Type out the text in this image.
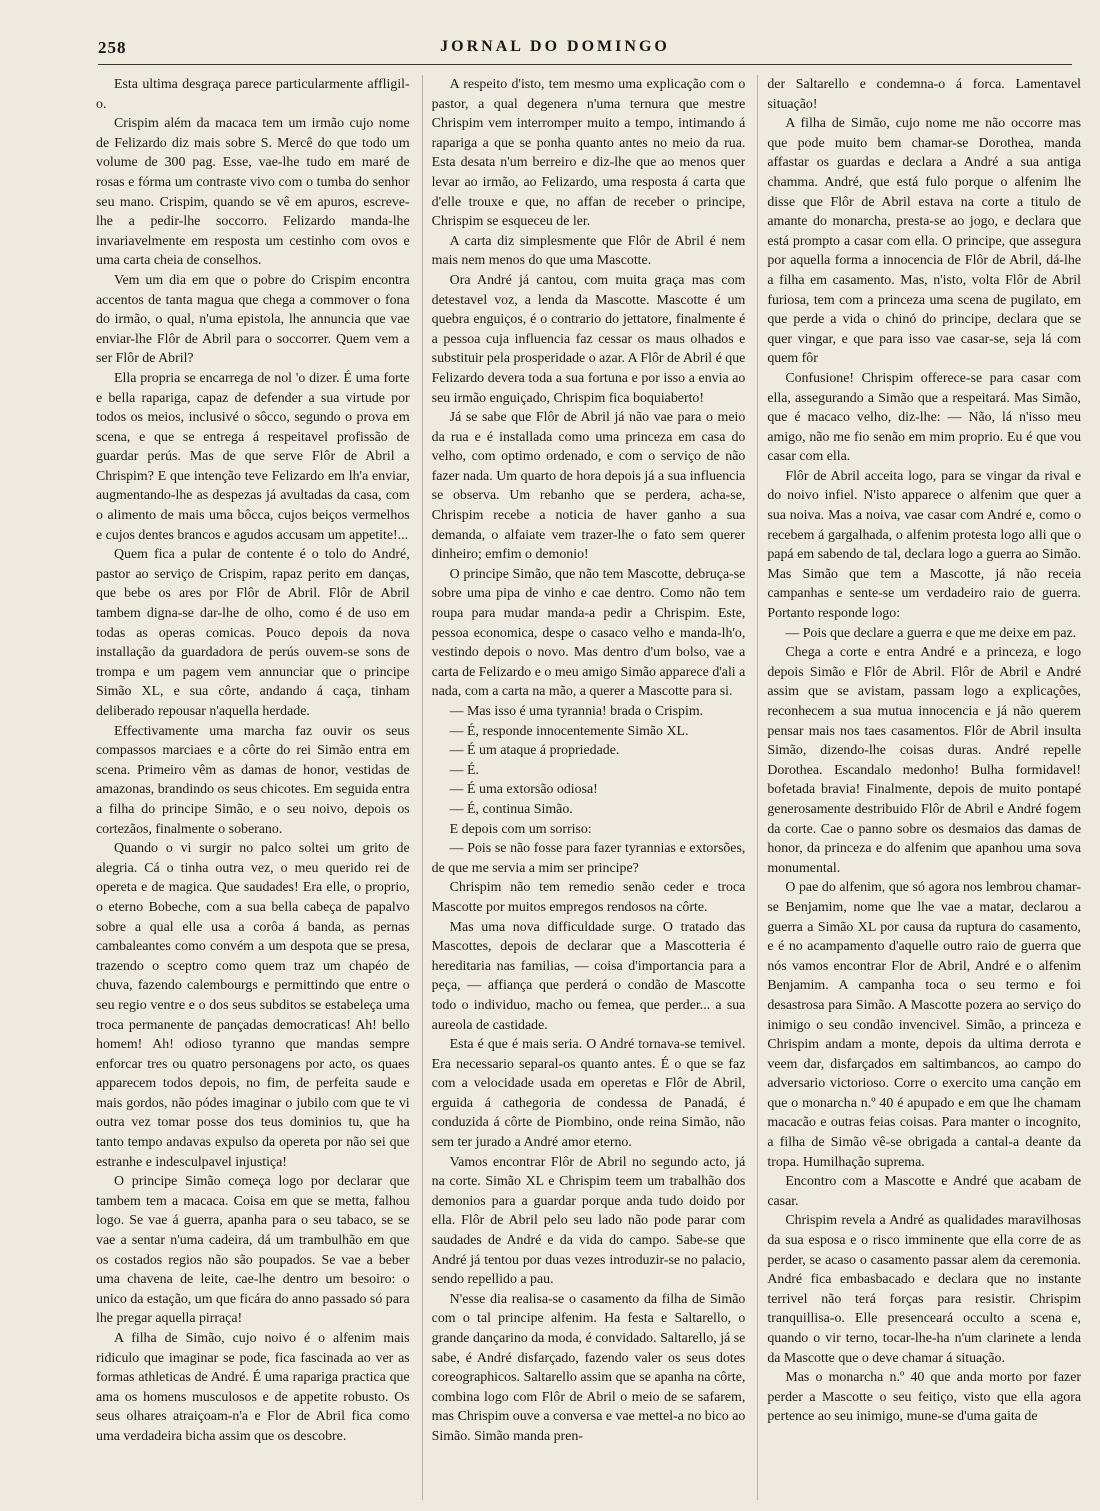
258	JORNAL DO DOMINGO

Esta ultima desgraça parece particularmente affligil-o.

Crispim além da macaca tem um irmão cujo nome de Felizardo diz mais sobre S. Mercê do que todo um volume de 300 pag. Esse, vae-lhe tudo em maré de rosas e fórma um contraste vivo com o tumba do senhor seu mano. Crispim, quando se vê em apuros, escreve-lhe a pedir-lhe soccorro. Felizardo manda-lhe invariavelmente em resposta um cestinho com ovos e uma carta cheia de conselhos.

Vem um dia em que o pobre do Crispim encontra accentos de tanta magua que chega a commover o fona do irmão, o qual, n'uma epistola, lhe annuncia que vae enviar-lhe Flôr de Abril para o soccorrer. Quem vem a ser Flôr de Abril?

Ella propria se encarrega de nol 'o dizer. É uma forte e bella rapariga, capaz de defender a sua virtude por todos os meios, inclusivé o sôcco, segundo o prova em scena, e que se entrega á respeitavel profissão de guardar perús. Mas de que serve Flôr de Abril a Chrispim? E que intenção teve Felizardo em lh'a enviar, augmentando-lhe as despezas já avultadas da casa, com o alimento de mais uma bôcca, cujos beiços vermelhos e cujos dentes brancos e agudos accusam um appetite!...

Quem fica a pular de contente é o tolo do André, pastor ao serviço de Crispim, rapaz perito em danças, que bebe os ares por Flôr de Abril. Flôr de Abril tambem digna-se dar-lhe de olho, como é de uso em todas as operas comicas. Pouco depois da nova installação da guardadora de perús ouvem-se sons de trompa e um pagem vem annunciar que o principe Simão XL, e sua côrte, andando á caça, tinham deliberado repousar n'aquella herdade.

Effectivamente uma marcha faz ouvir os seus compassos marciaes e a côrte do rei Simão entra em scena. Primeiro vêm as damas de honor, vestidas de amazonas, brandindo os seus chicotes. Em seguida entra a filha do principe Simão, e o seu noivo, depois os cortezãos, finalmente o soberano.

Quando o vi surgir no palco soltei um grito de alegria. Cá o tinha outra vez, o meu querido rei de opereta e de magica. Que saudades! Era elle, o proprio, o eterno Bobeche, com a sua bella cabeça de papalvo sobre a qual elle usa a corôa á banda, as pernas cambaleantes como convém a um despota que se presa, trazendo o sceptro como quem traz um chapéo de chuva, fazendo calembourgs e permittindo que entre o seu regio ventre e o dos seus subditos se estabeleça uma troca permanente de pançadas democraticas! Ah! bello homem! Ah! odioso tyranno que mandas sempre enforcar tres ou quatro personagens por acto, os quaes apparecem todos depois, no fim, de perfeita saude e mais gordos, não pódes imaginar o jubilo com que te vi outra vez tomar posse dos teus dominios tu, que ha tanto tempo andavas expulso da opereta por não sei que estranhe e indesculpavel injustiça!

O principe Simão começa logo por declarar que tambem tem a macaca. Coisa em que se metta, falhou logo. Se vae á guerra, apanha para o seu tabaco, se se vae a sentar n'uma cadeira, dá um trambulhão em que os costados regios não são poupados. Se vae a beber uma chavena de leite, cae-lhe dentro um besoiro: o unico da estação, um que ficára do anno passado só para lhe pregar aquella pirraça!

A filha de Simão, cujo noivo é o alfenim mais ridiculo que imaginar se pode, fica fascinada ao ver as formas athleticas de André. É uma rapariga practica que ama os homens musculosos e de appetite robusto. Os seus olhares atraiçoam-n'a e Flor de Abril fica como uma verdadeira bicha assim que os descobre.

A respeito d'isto, tem mesmo uma explicação com o pastor, a qual degenera n'uma ternura que mestre Chrispim vem interromper muito a tempo, intimando á rapariga a que se ponha quanto antes no meio da rua. Esta desata n'um berreiro e diz-lhe que ao menos quer levar ao irmão, ao Felizardo, uma resposta á carta que d'elle trouxe e que, no affan de receber o principe, Chrispim se esqueceu de ler.

A carta diz simplesmente que Flôr de Abril é nem mais nem menos do que uma Mascotte.

Ora André já cantou, com muita graça mas com detestavel voz, a lenda da Mascotte. Mascotte é um quebra enguiços, é o contrario do jettatore, finalmente é a pessoa cuja influencia faz cessar os maus olhados e substituir pela prosperidade o azar. A Flôr de Abril é que Felizardo devera toda a sua fortuna e por isso a envia ao seu irmão enguiçado, Chrispim fica boquiaberto!

Já se sabe que Flôr de Abril já não vae para o meio da rua e é installada como uma princeza em casa do velho, com optimo ordenado, e com o serviço de não fazer nada. Um quarto de hora depois já a sua influencia se observa. Um rebanho que se perdera, acha-se, Chrispim recebe a noticia de haver ganho a sua demanda, o alfaiate vem trazer-lhe o fato sem querer dinheiro; emfim o demonio!

O principe Simão, que não tem Mascotte, debruça-se sobre uma pipa de vinho e cae dentro. Como não tem roupa para mudar manda-a pedir a Chrispim. Este, pessoa economica, despe o casaco velho e manda-lh'o, vestindo depois o novo. Mas dentro d'um bolso, vae a carta de Felizardo e o meu amigo Simão apparece d'ali a nada, com a carta na mão, a querer a Mascotte para si.

— Mas isso é uma tyrannia! brada o Crispim.

— É, responde innocentemente Simão XL.

— É um ataque á propriedade.

— É.

— É uma extorsão odiosa!

— É, continua Simão.

E depois com um sorriso:

— Pois se não fosse para fazer tyrannias e extorsões, de que me servia a mim ser principe?

Chrispim não tem remedio senão ceder e troca Mascotte por muitos empregos rendosos na côrte.

Mas uma nova difficuldade surge. O tratado das Mascottes, depois de declarar que a Mascotteria é hereditaria nas familias, — coisa d'importancia para a peça, — affiança que perderá o condão de Mascotte todo o individuo, macho ou femea, que perder... a sua aureola de castidade.

Esta é que é mais seria. O André tornava-se temivel. Era necessario separal-os quanto antes. É o que se faz com a velocidade usada em operetas e Flôr de Abril, erguida á cathegoria de condessa de Panadá, é conduzida á côrte de Piombino, onde reina Simão, não sem ter jurado a André amor eterno.

Vamos encontrar Flôr de Abril no segundo acto, já na corte. Simão XL e Chrispim teem um trabalhão dos demonios para a guardar porque anda tudo doido por ella. Flôr de Abril pelo seu lado não pode parar com saudades de André e da vida do campo. Sabe-se que André já tentou por duas vezes introduzir-se no palacio, sendo repellido a pau.

N'esse dia realisa-se o casamento da filha de Simão com o tal principe alfenim. Ha festa e Saltarello, o grande dançarino da moda, é convidado. Saltarello, já se sabe, é André disfarçado, fazendo valer os seus dotes coreographicos. Saltarello assim que se apanha na côrte, combina logo com Flôr de Abril o meio de se safarem, mas Chrispim ouve a conversa e vae mettel-a no bico ao Simão. Simão manda pren-

der Saltarello e condemna-o á forca. Lamentavel situação!

A filha de Simão, cujo nome me não occorre mas que pode muito bem chamar-se Dorothea, manda affastar os guardas e declara a André a sua antiga chamma. André, que está fulo porque o alfenim lhe disse que Flôr de Abril estava na corte a titulo de amante do monarcha, presta-se ao jogo, e declara que está prompto a casar com ella. O principe, que assegura por aquella forma a innocencia de Flôr de Abril, dá-lhe a filha em casamento. Mas, n'isto, volta Flôr de Abril furiosa, tem com a princeza uma scena de pugilato, em que perde a vida o chinó do principe, declara que se quer vingar, e que para isso vae casar-se, seja lá com quem fôr

Confusione! Chrispim offerece-se para casar com ella, assegurando a Simão que a respeitará. Mas Simão, que é macaco velho, diz-lhe: — Não, lá n'isso meu amigo, não me fio senão em mim proprio. Eu é que vou casar com ella.

Flôr de Abril acceita logo, para se vingar da rival e do noivo infiel. N'isto apparece o alfenim que quer a sua noiva. Mas a noiva, vae casar com André e, como o recebem á gargalhada, o alfenim protesta logo alli que o papá em sabendo de tal, declara logo a guerra ao Simão. Mas Simão que tem a Mascotte, já não receia campanhas e sente-se um verdadeiro raio de guerra. Portanto responde logo:

— Pois que declare a guerra e que me deixe em paz.

Chega a corte e entra André e a princeza, e logo depois Simão e Flôr de Abril. Flôr de Abril e André assim que se avistam, passam logo a explicações, reconhecem a sua mutua innocencia e já não querem pensar mais nos taes casamentos. Flôr de Abril insulta Simão, dizendo-lhe coisas duras. André repelle Dorothea. Escandalo medonho! Bulha formidavel! bofetada bravia! Finalmente, depois de muito pontapé generosamente destribuido Flôr de Abril e André fogem da corte. Cae o panno sobre os desmaios das damas de honor, da princeza e do alfenim que apanhou uma sova monumental.

O pae do alfenim, que só agora nos lembrou chamar-se Benjamim, nome que lhe vae a matar, declarou a guerra a Simão XL por causa da ruptura do casamento, e é no acampamento d'aquelle outro raio de guerra que nós vamos encontrar Flor de Abril, André e o alfenim Benjamim. A campanha toca o seu termo e foi desastrosa para Simão. A Mascotte pozera ao serviço do inimigo o seu condão invencivel. Simão, a princeza e Chrispim andam a monte, depois da ultima derrota e veem dar, disfarçados em saltimbancos, ao campo do adversario victorioso. Corre o exercito uma canção em que o monarcha n.º 40 é apupado e em que lhe chamam macacão e outras feias coisas. Para manter o incognito, a filha de Simão vê-se obrigada a cantal-a deante da tropa. Humilhação suprema.

Encontro com a Mascotte e André que acabam de casar.

Chrispim revela a André as qualidades maravilhosas da sua esposa e o risco imminente que ella corre de as perder, se acaso o casamento passar alem da ceremonia. André fica embasbacado e declara que no instante terrivel não terá forças para resistir. Chrispim tranquillisa-o. Elle presenceará occulto a scena e, quando o vir terno, tocar-lhe-ha n'um clarinete a lenda da Mascotte que o deve chamar á situação.

Mas o monarcha n.º 40 que anda morto por fazer perder a Mascotte o seu feitiço, visto que ella agora pertence ao seu inimigo, mune-se d'uma gaita de
